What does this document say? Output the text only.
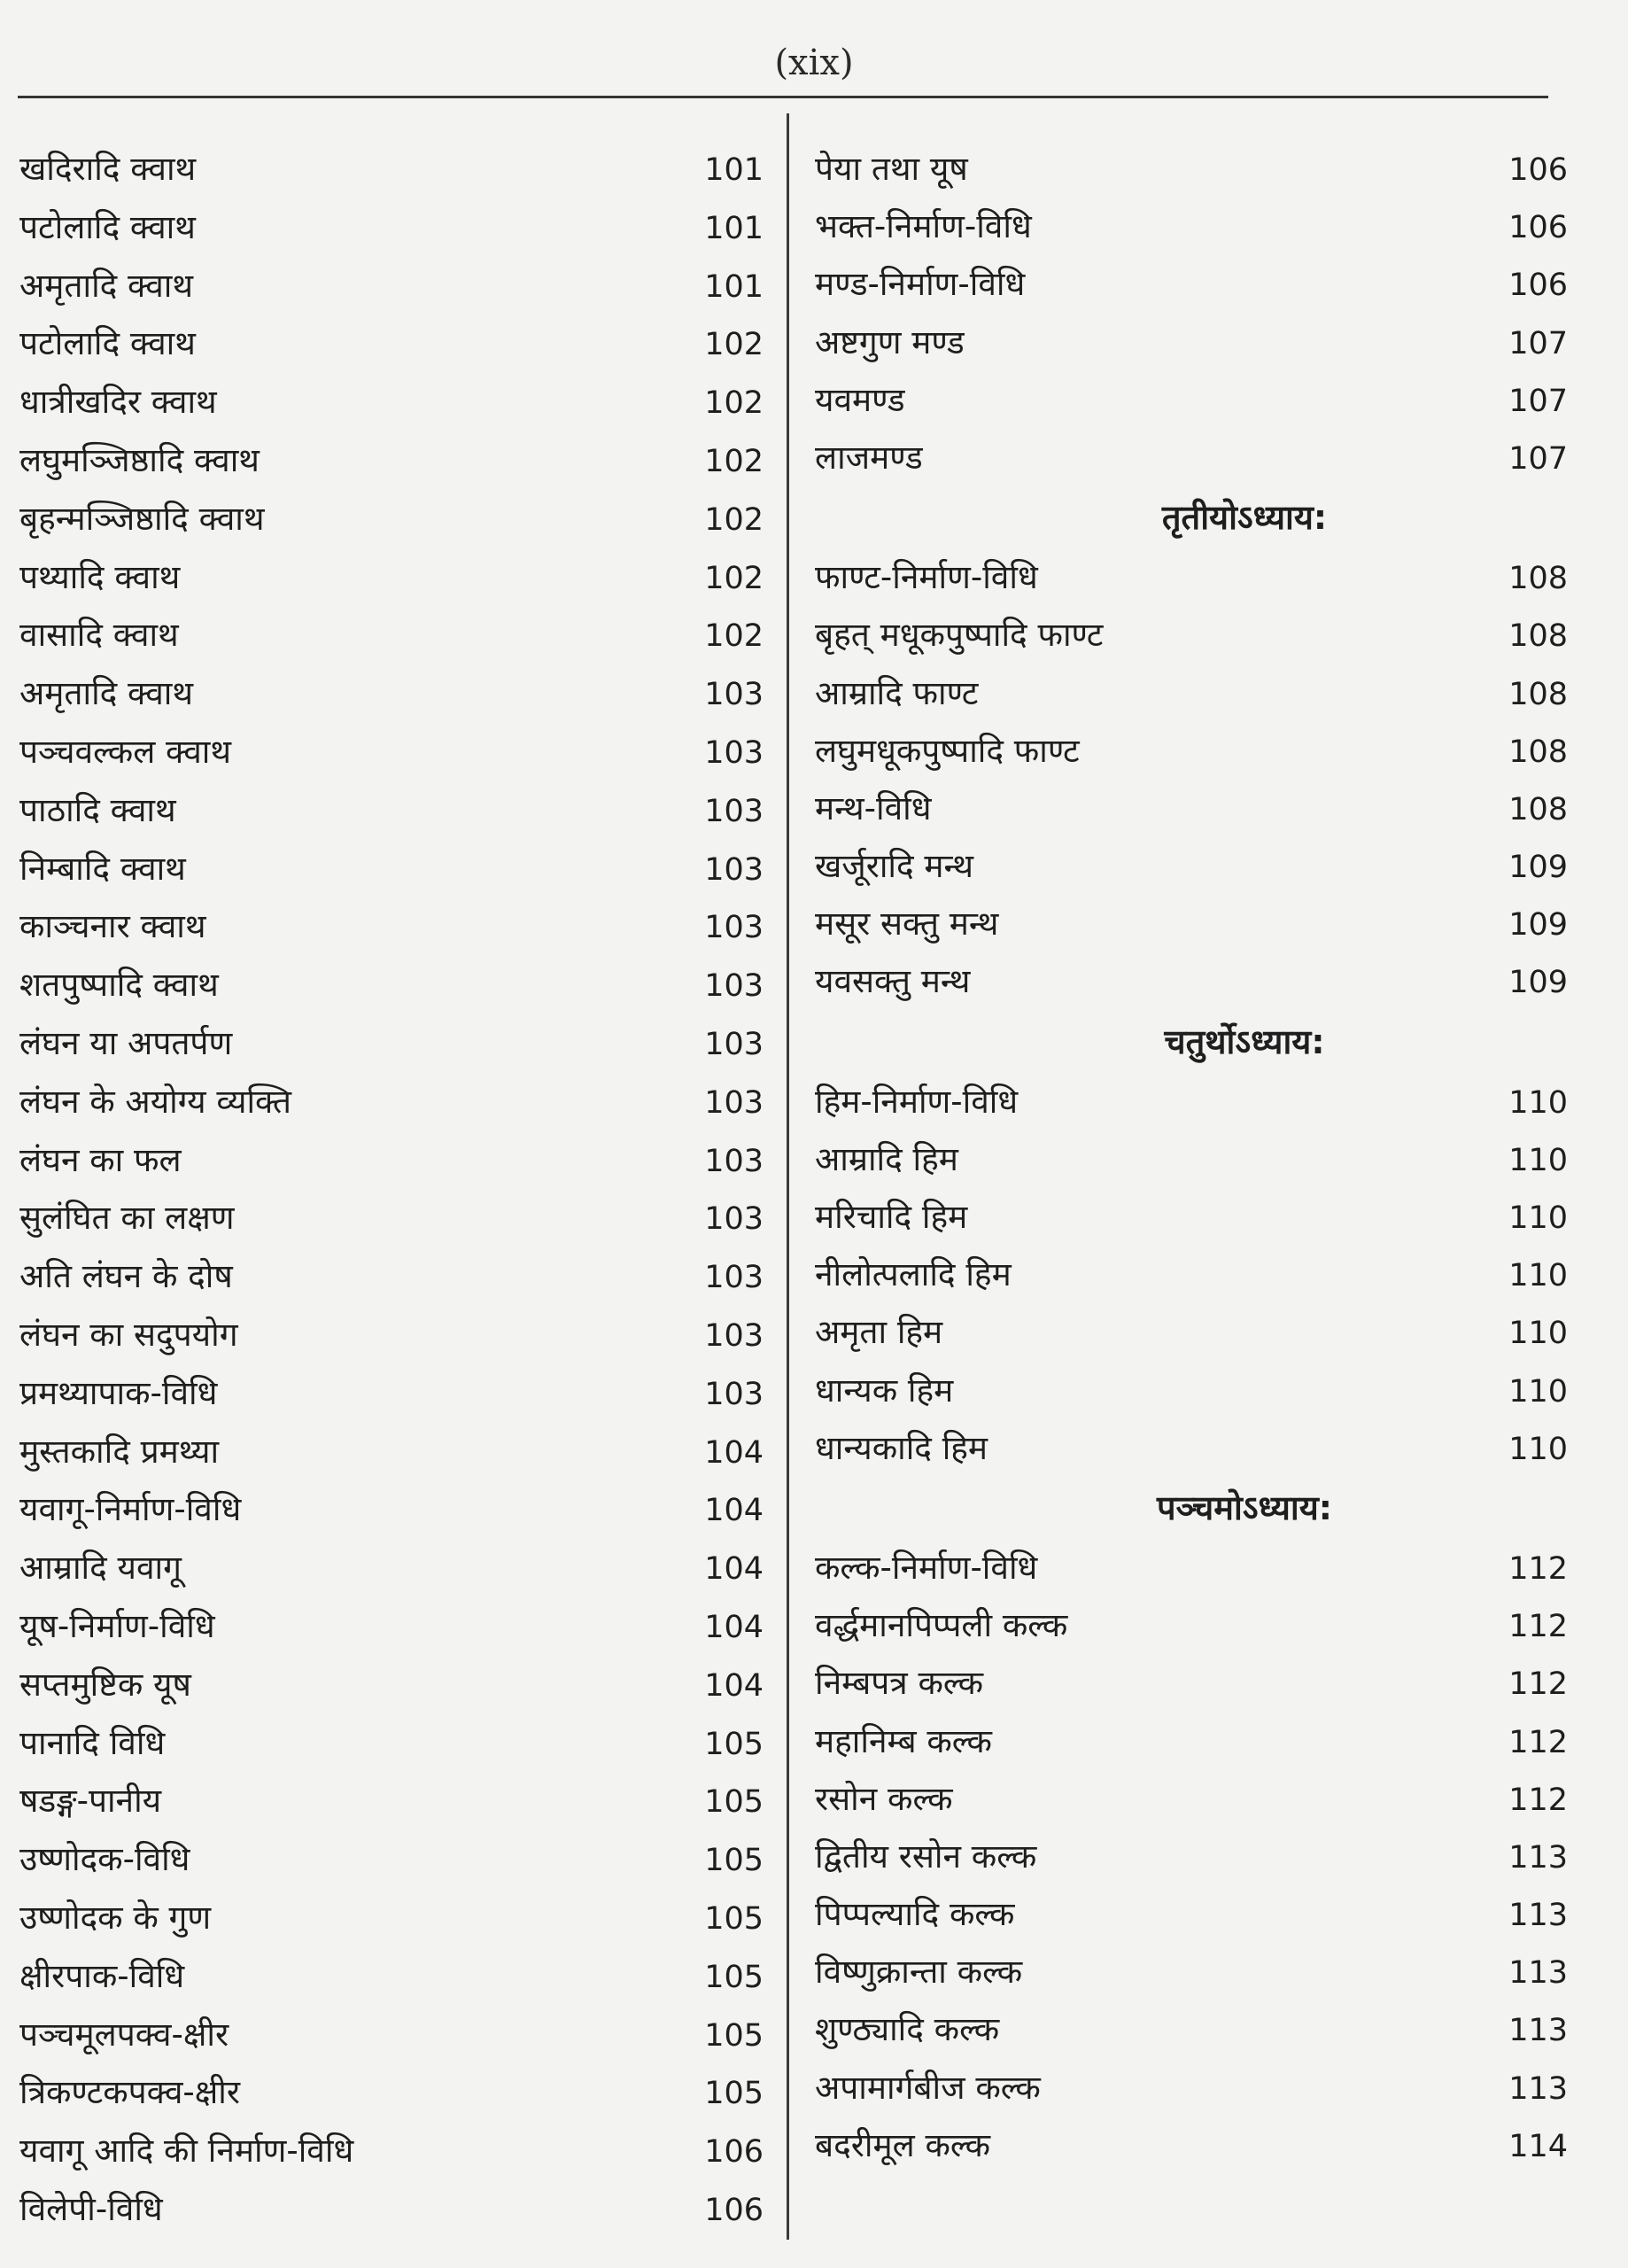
(xix)
खदिरादि क्वाथ	101
पटोलादि क्वाथ	101
अमृतादि क्वाथ	101
पटोलादि क्वाथ	102
धात्रीखदिर क्वाथ	102
लघुमञ्जिष्ठादि क्वाथ	102
बृहन्मञ्जिष्ठादि क्वाथ	102
पथ्यादि क्वाथ	102
वासादि क्वाथ	102
अमृतादि क्वाथ	103
पञ्चवल्कल क्वाथ	103
पाठादि क्वाथ	103
निम्बादि क्वाथ	103
काञ्चनार क्वाथ	103
शतपुष्पादि क्वाथ	103
लंघन या अपतर्पण	103
लंघन के अयोग्य व्यक्ति	103
लंघन का फल	103
सुलंघित का लक्षण	103
अति लंघन के दोष	103
लंघन का सदुपयोग	103
प्रमथ्यापाक-विधि	103
मुस्तकादि प्रमथ्या	104
यवागू-निर्माण-विधि	104
आम्रादि यवागू	104
यूष-निर्माण-विधि	104
सप्तमुष्टिक यूष	104
पानादि विधि	105
षडङ्ग-पानीय	105
उष्णोदक-विधि	105
उष्णोदक के गुण	105
क्षीरपाक-विधि	105
पञ्चमूलपक्व-क्षीर	105
त्रिकण्टकपक्व-क्षीर	105
यवागू आदि की निर्माण-विधि	106
विलेपी-विधि	106
पेया तथा यूष	106
भक्त-निर्माण-विधि	106
मण्ड-निर्माण-विधि	106
अष्टगुण मण्ड	107
यवमण्ड	107
लाजमण्ड	107
तृतीयोऽध्याय:
फाण्ट-निर्माण-विधि	108
बृहत् मधूकपुष्पादि फाण्ट	108
आम्रादि फाण्ट	108
लघुमधूकपुष्पादि फाण्ट	108
मन्थ-विधि	108
खर्जूरादि मन्थ	109
मसूर सक्तु मन्थ	109
यवसक्तु मन्थ	109
चतुर्थोऽध्याय:
हिम-निर्माण-विधि	110
आम्रादि हिम	110
मरिचादि हिम	110
नीलोत्पलादि हिम	110
अमृता हिम	110
धान्यक हिम	110
धान्यकादि हिम	110
पञ्चमोऽध्याय:
कल्क-निर्माण-विधि	112
वर्द्धमानपिप्पली कल्क	112
निम्बपत्र कल्क	112
महानिम्ब कल्क	112
रसोन कल्क	112
द्वितीय रसोन कल्क	113
पिप्पल्यादि कल्क	113
विष्णुक्रान्ता कल्क	113
शुण्ठ्यादि कल्क	113
अपामार्गबीज कल्क	113
बदरीमूल कल्क	114
